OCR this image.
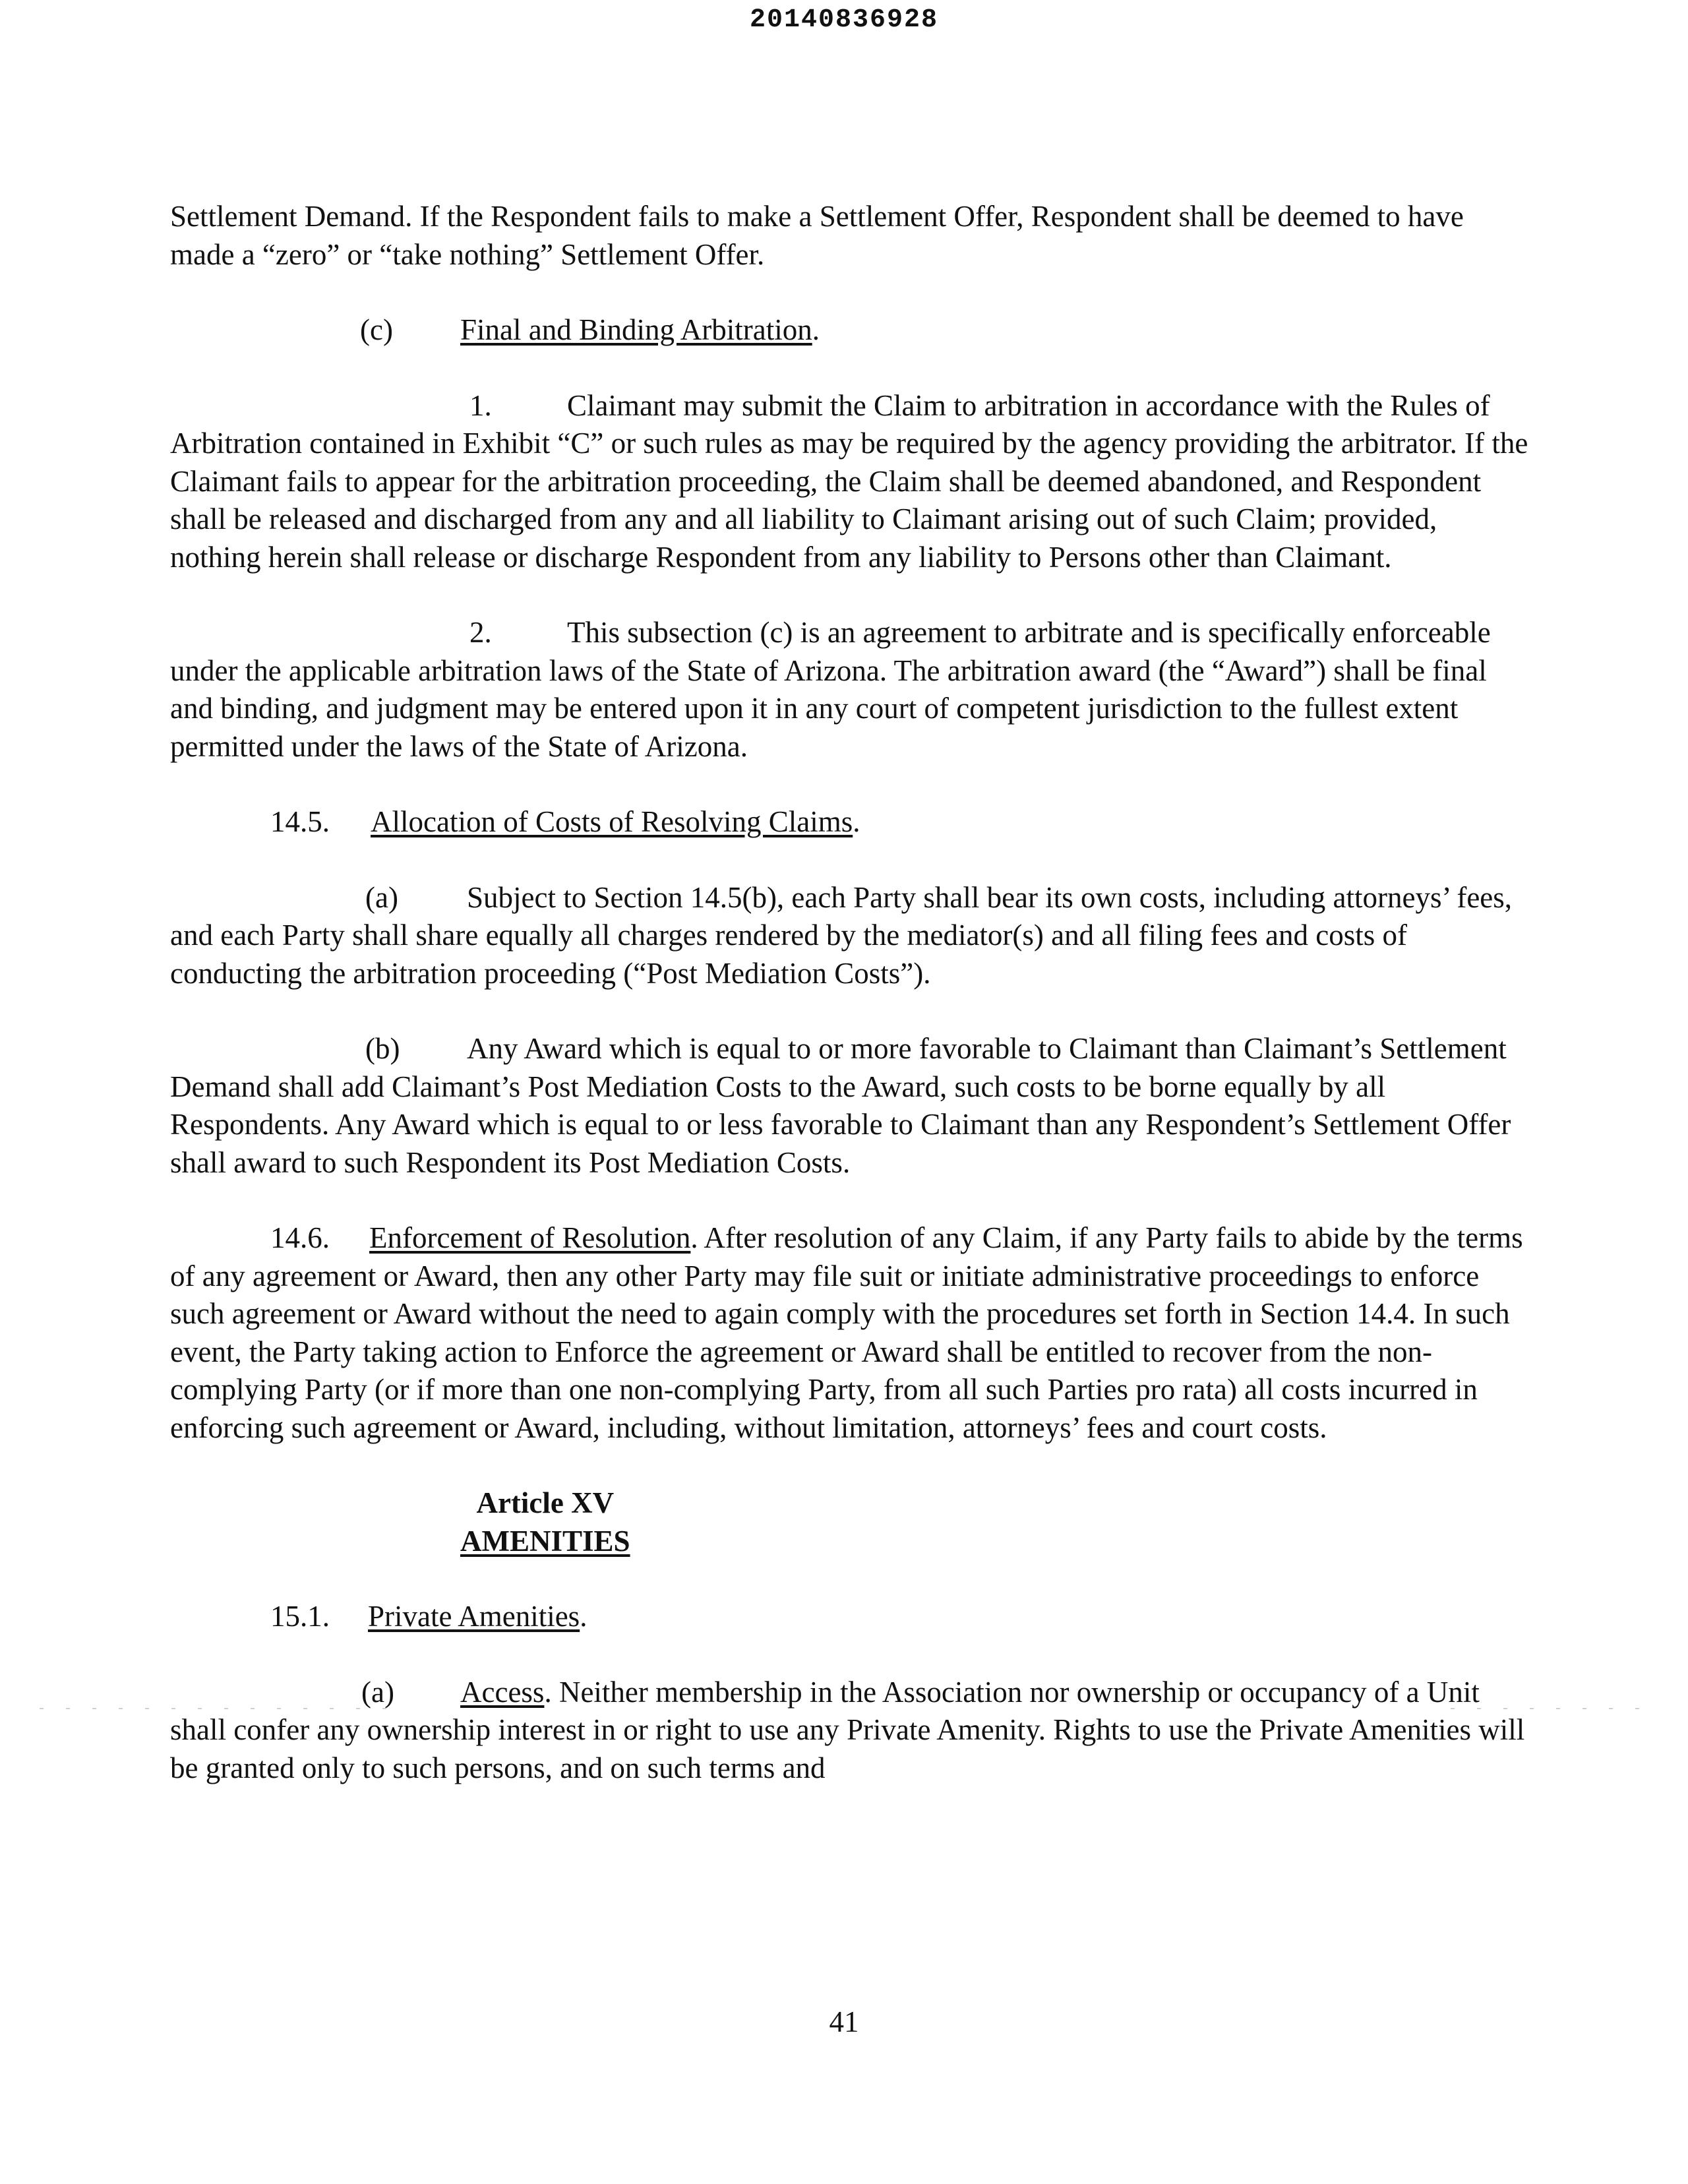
20140836928

Settlement Demand. If the Respondent fails to make a Settlement Offer, Respondent shall be deemed to have made a “zero” or “take nothing” Settlement Offer.

(c) Final and Binding Arbitration.

1.	Claimant may submit the Claim to arbitration in accordance with the Rules of Arbitration contained in Exhibit “C” or such rules as may be required by the agency providing the arbitrator. If the Claimant fails to appear for the arbitration proceeding, the Claim shall be deemed abandoned, and Respondent shall be released and discharged from any and all liability to Claimant arising out of such Claim; provided, nothing herein shall release or discharge Respondent from any liability to Persons other than Claimant.

2.	This subsection (c) is an agreement to arbitrate and is specifically enforceable under the applicable arbitration laws of the State of Arizona. The arbitration award (the “Award”) shall be final and binding, and judgment may be entered upon it in any court of competent jurisdiction to the fullest extent permitted under the laws of the State of Arizona.

14.5. Allocation of Costs of Resolving Claims.

(a) Subject to Section 14.5(b), each Party shall bear its own costs, including attorneys’ fees, and each Party shall share equally all charges rendered by the mediator(s) and all filing fees and costs of conducting the arbitration proceeding (“Post Mediation Costs”).

(b) Any Award which is equal to or more favorable to Claimant than Claimant’s Settlement Demand shall add Claimant’s Post Mediation Costs to the Award, such costs to be borne equally by all Respondents. Any Award which is equal to or less favorable to Claimant than any Respondent’s Settlement Offer shall award to such Respondent its Post Mediation Costs.

14.6. Enforcement of Resolution. After resolution of any Claim, if any Party fails to abide by the terms of any agreement or Award, then any other Party may file suit or initiate administrative proceedings to enforce such agreement or Award without the need to again comply with the procedures set forth in Section 14.4. In such event, the Party taking action to Enforce the agreement or Award shall be entitled to recover from the non-complying Party (or if more than one non-complying Party, from all such Parties pro rata) all costs incurred in enforcing such agreement or Award, including, without limitation, attorneys’ fees and court costs.

Article XV
AMENITIES

15.1. Private Amenities.

(a) Access. Neither membership in the Association nor ownership or occupancy of a Unit shall confer any ownership interest in or right to use any Private Amenity. Rights to use the Private Amenities will be granted only to such persons, and on such terms and

41
